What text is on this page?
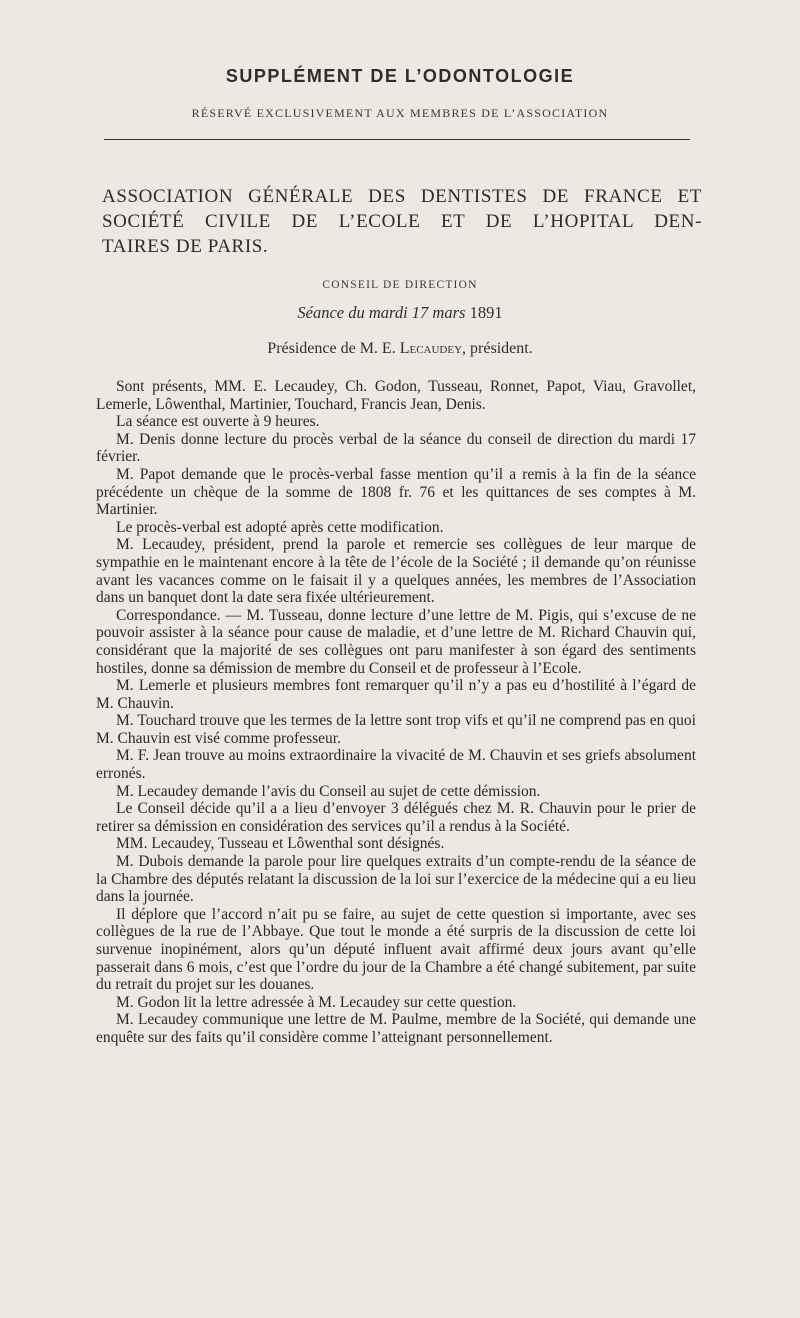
SUPPLÉMENT DE L’ODONTOLOGIE
RÉSERVÉ EXCLUSIVEMENT AUX MEMBRES DE L’ASSOCIATION
ASSOCIATION GÉNÉRALE DES DENTISTES DE FRANCE ET
SOCIÉTÉ CIVILE DE L’ECOLE ET DE L’HOPITAL DEN-
TAIRES DE PARIS.
CONSEIL DE DIRECTION
Séance du mardi 17 mars 1891
Présidence de M. E. Lecaudey, président.

Sont présents, MM. E. Lecaudey, Ch. Godon, Tusseau, Ronnet, Papot, Viau, Gravollet, Lemerle, Lôwenthal, Martinier, Touchard, Francis Jean, Denis.

La séance est ouverte à 9 heures.

M. Denis donne lecture du procès verbal de la séance du conseil de direction du mardi 17 février.

M. Papot demande que le procès-verbal fasse mention qu’il a remis à la fin de la séance précédente un chèque de la somme de 1808 fr. 76 et les quittances de ses comptes à M. Martinier.

Le procès-verbal est adopté après cette modification.

M. Lecaudey, président, prend la parole et remercie ses collègues de leur marque de sympathie en le maintenant encore à la tête de l’école de la Société ; il demande qu’on réunisse avant les vacances comme on le faisait il y a quelques années, les membres de l’Association dans un banquet dont la date sera fixée ultérieurement.

Correspondance. — M. Tusseau, donne lecture d’une lettre de M. Pigis, qui s’excuse de ne pouvoir assister à la séance pour cause de maladie, et d’une lettre de M. Richard Chauvin qui, considérant que la majorité de ses collègues ont paru manifester à son égard des sentiments hostiles, donne sa démission de membre du Conseil et de professeur à l’Ecole.

M. Lemerle et plusieurs membres font remarquer qu’il n’y a pas eu d’hostilité à l’égard de M. Chauvin.

M. Touchard trouve que les termes de la lettre sont trop vifs et qu’il ne comprend pas en quoi M. Chauvin est visé comme professeur.

M. F. Jean trouve au moins extraordinaire la vivacité de M. Chauvin et ses griefs absolument erronés.

M. Lecaudey demande l’avis du Conseil au sujet de cette démission.

Le Conseil décide qu’il a a lieu d’envoyer 3 délégués chez M. R. Chauvin pour le prier de retirer sa démission en considération des services qu’il a rendus à la Société.

MM. Lecaudey, Tusseau et Lôwenthal sont désignés.

M. Dubois demande la parole pour lire quelques extraits d’un compte-rendu de la séance de la Chambre des députés relatant la discussion de la loi sur l’exercice de la médecine qui a eu lieu dans la journée.

Il déplore que l’accord n’ait pu se faire, au sujet de cette question si importante, avec ses collègues de la rue de l’Abbaye. Que tout le monde a été surpris de la discussion de cette loi survenue inopinément, alors qu’un député influent avait affirmé deux jours avant qu’elle passerait dans 6 mois, c’est que l’ordre du jour de la Chambre a été changé subitement, par suite du retrait du projet sur les douanes.

M. Godon lit la lettre adressée à M. Lecaudey sur cette question.

M. Lecaudey communique une lettre de M. Paulme, membre de la Société, qui demande une enquête sur des faits qu’il considère comme l’atteignant personnellement.
